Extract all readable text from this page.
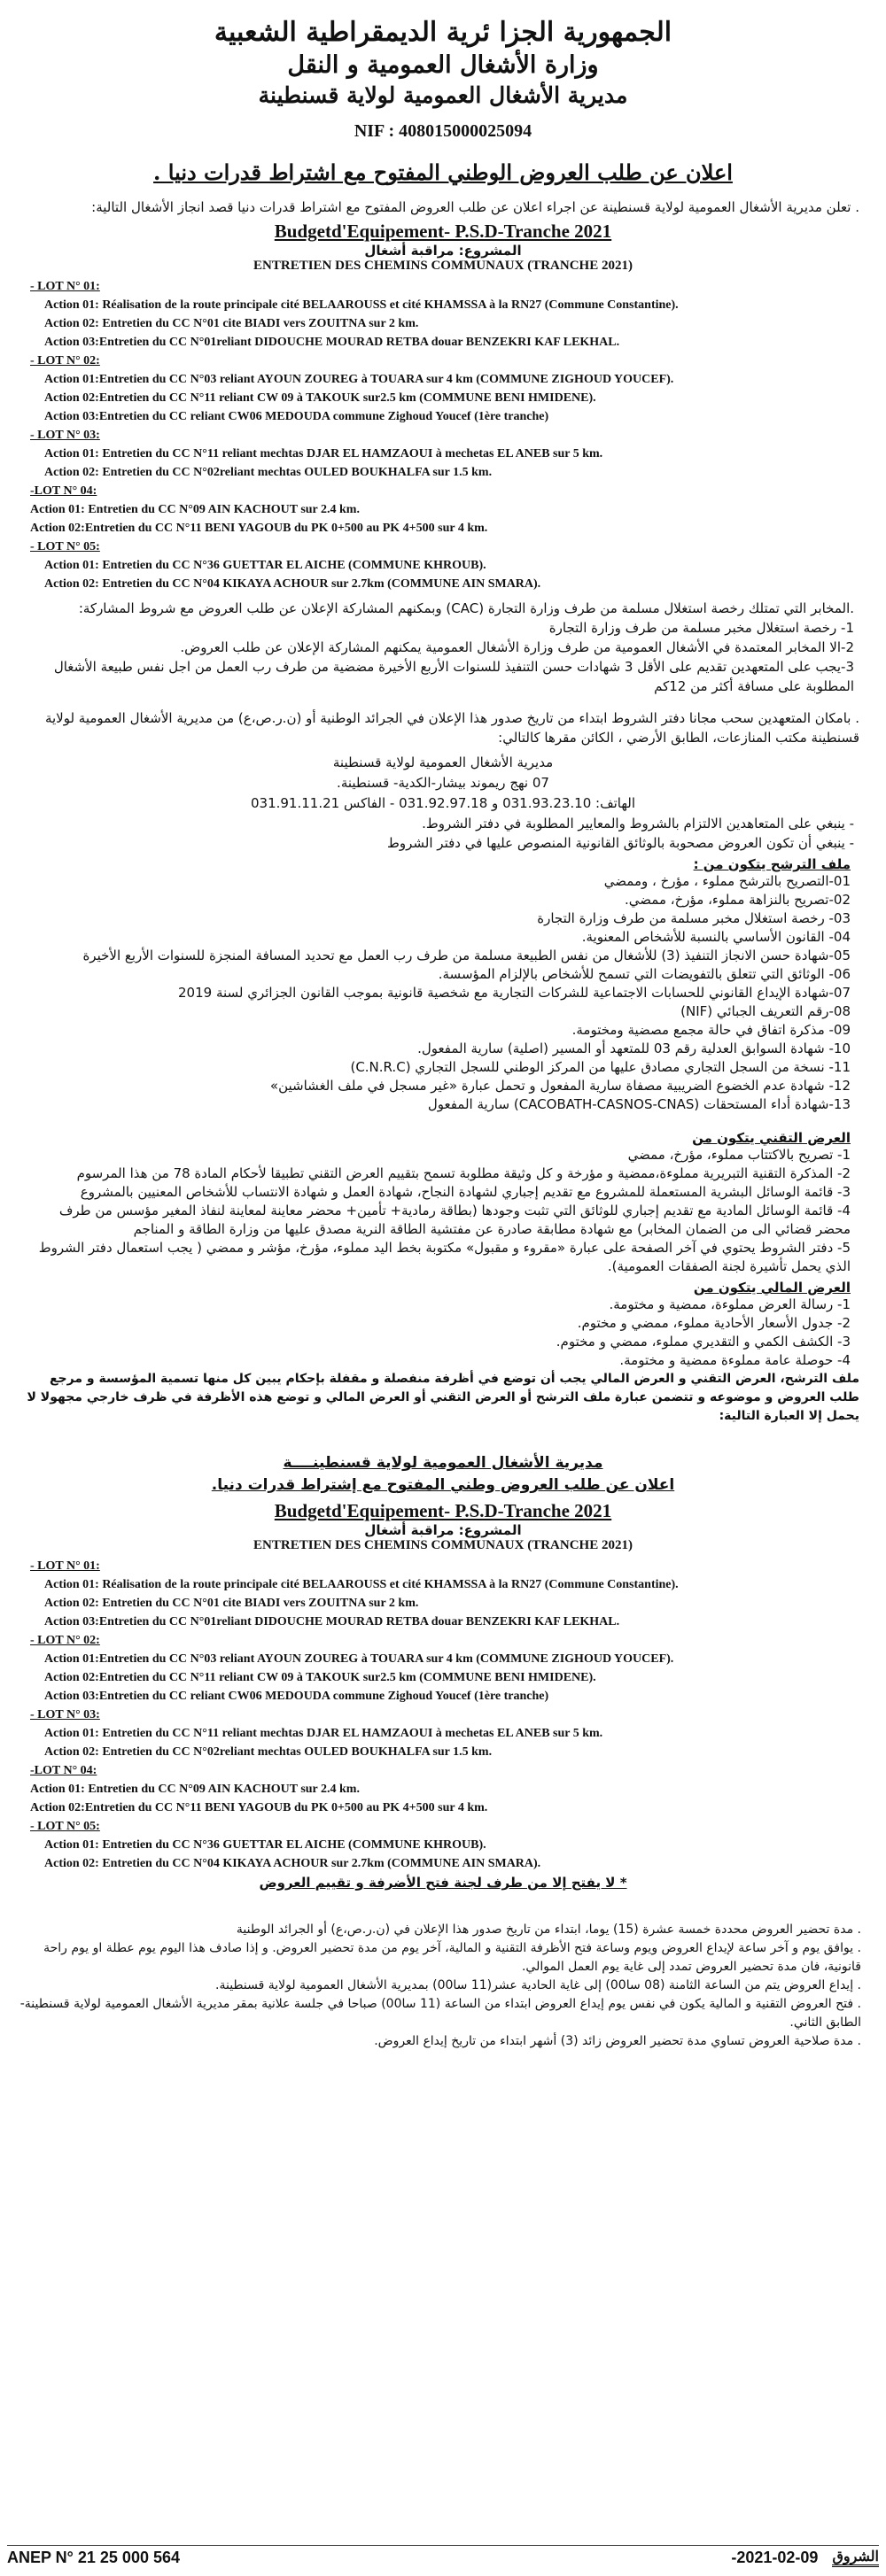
الجمهورية الجزا ئرية الديمقراطية الشعبية
وزارة الأشغال العمومية و النقل
مديرية الأشغال العمومية لولاية قسنطينة
NIF : 408015000025094
اعلان عن طلب العروض الوطني المفتوح مع اشتراط قدرات دنيا .
. تعلن مديرية الأشغال العمومية لولاية قسنطينة عن اجراء اعلان عن طلب العروض المفتوح مع اشتراط قدرات دنيا قصد انجاز الأشغال التالية:
Budgetd'Equipement- P.S.D-Tranche 2021
المشروع: مراقبة أشغال
ENTRETIEN DES CHEMINS COMMUNAUX (TRANCHE 2021)
- LOT N° 01:
Action 01: Réalisation de la route principale cité BELAAROUSS et cité KHAMSSA à la RN27 (Commune Constantine).
Action 02: Entretien du CC N°01 cite BIADI vers ZOUITNA sur 2 km.
Action 03:Entretien du CC N°01reliant DIDOUCHE MOURAD RETBA douar BENZEKRI KAF LEKHAL.
- LOT N° 02:
Action 01:Entretien du CC N°03 reliant AYOUN ZOUREG à TOUARA sur 4 km (COMMUNE ZIGHOUD YOUCEF).
Action 02:Entretien du CC N°11 reliant CW 09 à TAKOUK sur2.5 km (COMMUNE BENI HMIDENE).
Action 03:Entretien du CC reliant CW06 MEDOUDA commune Zighoud Youcef (1ère tranche)
- LOT N° 03:
Action 01: Entretien du CC N°11 reliant mechtas DJAR EL HAMZAOUI à mechetas EL ANEB sur 5 km.
Action 02: Entretien du CC N°02reliant mechtas OULED BOUKHALFA sur 1.5 km.
-LOT N° 04:
Action 01: Entretien du CC N°09 AIN KACHOUT sur 2.4 km.
Action 02:Entretien du CC N°11 BENI YAGOUB du PK 0+500 au PK 4+500 sur 4 km.
- LOT N° 05:
Action 01: Entretien du CC N°36 GUETTAR EL AICHE (COMMUNE KHROUB).
Action 02: Entretien du CC N°04 KIKAYA ACHOUR sur 2.7km (COMMUNE AIN SMARA).
.المخابر التي تمتلك رخصة استغلال مسلمة من طرف وزارة التجارة (CAC) وبمكنهم المشاركة الإعلان عن طلب العروض مع شروط المشاركة:
1- رخصة استغلال مخبر مسلمة من طرف وزارة التجارة
2-الا المخابر المعتمدة في الأشغال العمومية من طرف وزارة الأشغال العمومية يمكنهم المشاركة الإعلان عن طلب العروض.
3-يجب على المتعهدين تقديم على الأقل 3 شهادات حسن التنفيذ للسنوات الأربع الأخيرة مضضية من طرف رب العمل من اجل نفس طبيعة الأشغال المطلوبة على مسافة أكثر من 12كم
. بامكان المتعهدين سحب مجانا دفتر الشروط ابتداء من تاريخ صدور هذا الإعلان في الجرائد الوطنية أو (ن.ر.ص،ع) من مديرية الأشغال العمومية لولاية قسنطينة مكتب المنازعات، الطابق الأرضي ، الكائن مقرها كالتالي:
مديرية الأشغال العمومية لولاية قسنطينة
07 نهج ريموند بيشار-الكدية- قسنطينة.
الهاتف: 031.93.23.10 و 031.92.97.18 - الفاكس 031.91.11.21
- ينبغي على المتعاهدين الالتزام بالشروط والمعايير المطلوبة في دفتر الشروط.
- ينبغي أن تكون العروض مصحوبة بالوثائق القانونية المنصوص عليها في دفتر الشروط
ملف الترشح يتكون من :
01-التصريح بالترشح مملوء ، مؤرخ ، وممضي
02-تصريح بالنزاهة مملوء، مؤرخ، ممضي.
03- رخصة استغلال مخبر مسلمة من طرف وزارة التجارة
04- القانون الأساسي بالنسبة للأشخاص المعنوية.
05-شهادة حسن الانجاز التنفيذ (3) للأشغال من نفس الطبيعة مسلمة من طرف رب العمل مع تحديد المسافة المنجزة للسنوات الأربع الأخيرة
06- الوثائق التي تتعلق بالتفويضات التي تسمح للأشخاص بالإلزام المؤسسة.
07-شهادة الإيداع القانوني للحسابات الاجتماعية للشركات التجارية مع شخصية قانونية بموجب القانون الجزائري لسنة 2019
08-رقم التعريف الجبائي (NIF)
09- مذكرة اتفاق في حالة مجمع مصضية ومختومة.
10- شهادة السوابق العدلية رقم 03 للمتعهد أو المسير (اصلية) سارية المفعول.
11- نسخة من السجل التجاري مصادق عليها من المركز الوطني للسجل التجاري (C.N.R.C)
12- شهادة عدم الخضوع الضريبية مصفاة سارية المفعول و تحمل عبارة «غير مسجل في ملف الغشاشين»
13-شهادة أداء المستحقات (CACOBATH-CASNOS-CNAS) سارية المفعول
العرض التقني يتكون من
1- تصريح بالاكتتاب مملوء، مؤرخ، ممضي
2- المذكرة التقنية التبريرية مملوءة،ممضية و مؤرخة و كل وثيقة مطلوبة تسمح بتقييم العرض التقني تطبيقا لأحكام المادة 78 من هذا المرسوم
3- قائمة الوسائل البشرية المستعملة للمشروع مع تقديم إجباري لشهادة النجاح، شهادة العمل و شهادة الانتساب للأشخاص المعنيين بالمشروع
4- قائمة الوسائل المادية مع تقديم إجباري للوثائق التي تثبت وجودها (بطاقة رمادية+ تأمين+ محضر معاينة لمعاينة لنفاذ المغير مؤسس من طرف محضر قضائي الى من الضمان المخابر) مع شهادة مطابقة صادرة عن مفتشية الطاقة النرية مصدق عليها من وزارة الطاقة و المناجم
5- دفتر الشروط يحتوي في آخر الصفحة على عبارة «مقروء و مقبول» مكتوبة بخط اليد مملوء، مؤرخ، مؤشر و ممضي ( يجب استعمال دفتر الشروط الذي يحمل تأشيرة لجنة الصفقات العمومية).
العرض المالي يتكون من
1- رسالة العرض مملوءة، ممضية و مختومة.
2- جدول الأسعار الأحادية مملوء، ممضي و مختوم.
3- الكشف الكمي و التقديري مملوء، ممضي و مختوم.
4- حوصلة عامة مملوءة ممضية و مختومة.
ملف الترشح، العرض التقني و العرض المالي يجب أن توضع في أظرفة منفصلة و مقفلة بإحكام يبين كل منها تسمية المؤسسة و مرجع طلب العروض و موضوعه و تتضمن عبارة ملف الترشح أو العرض التقني أو العرض المالي و توضع هذه الأظرفة في ظرف خارجي مجهولا لا يحمل إلا العبارة التالية:
مديرية الأشغال العمومية لولاية قسنطينــــة
اعلان عن طلب العروض وطني المفتوح مع إشتراط قدرات دنيا.
Budgetd'Equipement- P.S.D-Tranche 2021
المشروع: مراقبة أشغال
ENTRETIEN DES CHEMINS COMMUNAUX (TRANCHE 2021)
- LOT N° 01:
Action 01: Réalisation de la route principale cité BELAAROUSS et cité KHAMSSA à la RN27 (Commune Constantine).
Action 02: Entretien du CC N°01 cite BIADI vers ZOUITNA sur 2 km.
Action 03:Entretien du CC N°01reliant DIDOUCHE MOURAD RETBA douar BENZEKRI KAF LEKHAL.
- LOT N° 02:
Action 01:Entretien du CC N°03 reliant AYOUN ZOUREG à TOUARA sur 4 km (COMMUNE ZIGHOUD YOUCEF).
Action 02:Entretien du CC N°11 reliant CW 09 à TAKOUK sur2.5 km (COMMUNE BENI HMIDENE).
Action 03:Entretien du CC reliant CW06 MEDOUDA commune Zighoud Youcef (1ère tranche)
- LOT N° 03:
Action 01: Entretien du CC N°11 reliant mechtas DJAR EL HAMZAOUI à mechetas EL ANEB sur 5 km.
Action 02: Entretien du CC N°02reliant mechtas OULED BOUKHALFA sur 1.5 km.
-LOT N° 04:
Action 01: Entretien du CC N°09 AIN KACHOUT sur 2.4 km.
Action 02:Entretien du CC N°11 BENI YAGOUB du PK 0+500 au PK 4+500 sur 4 km.
- LOT N° 05:
Action 01: Entretien du CC N°36 GUETTAR EL AICHE (COMMUNE KHROUB).
Action 02: Entretien du CC N°04 KIKAYA ACHOUR sur 2.7km (COMMUNE AIN SMARA).
* لا يفتح إلا من طرف لجنة فتح الأضرفة و تقييم العروض
. مدة تحضير العروض محددة خمسة عشرة (15) يوما، ابتداء من تاريخ صدور هذا الإعلان في (ن.ر.ص،ع) أو الجرائد الوطنية
. يوافق يوم و آخر ساعة لإيداع العروض ويوم وساعة فتح الأظرفة التقنية و المالية، آخر يوم من مدة تحضير العروض. و إذا صادف هذا اليوم يوم عطلة او يوم راحة قانونية، فان مدة تحضير العروض تمدد إلى غاية يوم العمل الموالي.
. إيداع العروض يتم من الساعة الثامنة (08 سا00) إلى غاية الحادية عشر(11 سا00) بمديرية الأشغال العمومية لولاية قسنطينة.
. فتح العروض التقنية و المالية يكون في نفس يوم إيداع العروض ابتداء من الساعة (11 سا00) صباحا في جلسة علانية بمقر مديرية الأشغال العمومية لولاية قسنطينة-الطابق الثاني.
. مدة صلاحية العروض تساوي مدة تحضير العروض زائد (3) أشهر ابتداء من تاريخ إيداع العروض.
ANEP N° 21 25 000 564	-2021-02-09 الشروق
